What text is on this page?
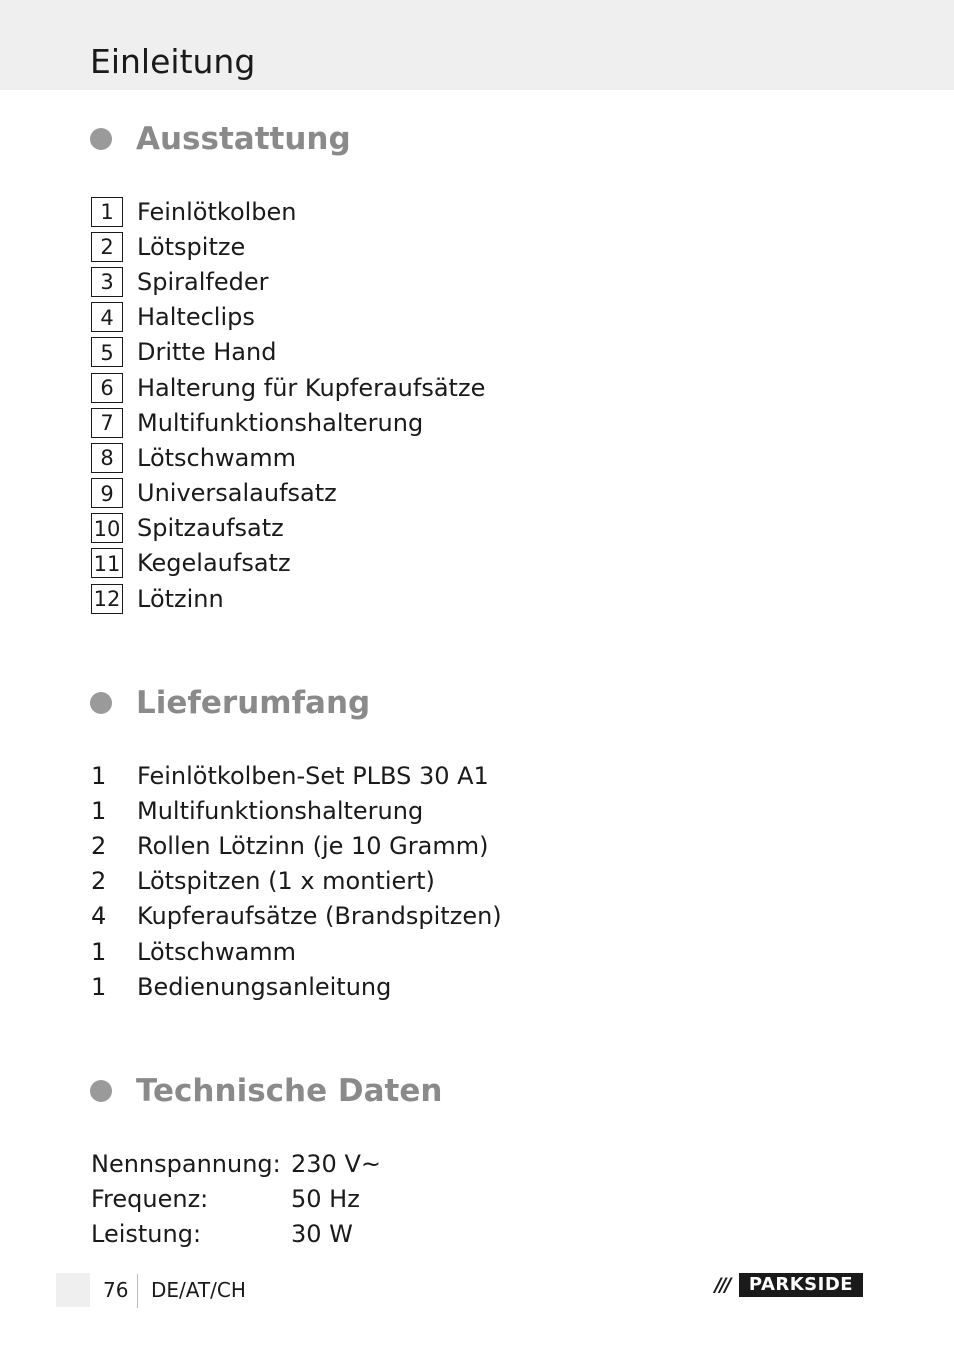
Einleitung
Ausstattung
1 Feinlötkolben
2 Lötspitze
3 Spiralfeder
4 Halteclips
5 Dritte Hand
6 Halterung für Kupferaufsätze
7 Multifunktionshalterung
8 Lötschwamm
9 Universalaufsatz
10 Spitzaufsatz
11 Kegelaufsatz
12 Lötzinn
Lieferumfang
1	Feinlötkolben-Set PLBS 30 A1
1	Multifunktionshalterung
2	Rollen Lötzinn (je 10 Gramm)
2	Lötspitzen (1 x montiert)
4	Kupferaufsätze (Brandspitzen)
1	Lötschwamm
1	Bedienungsanleitung
Technische Daten
Nennspannung:	230 V~
Frequenz:	50 Hz
Leistung:	30 W
76 DE/AT/CH	///	PARKSIDE
